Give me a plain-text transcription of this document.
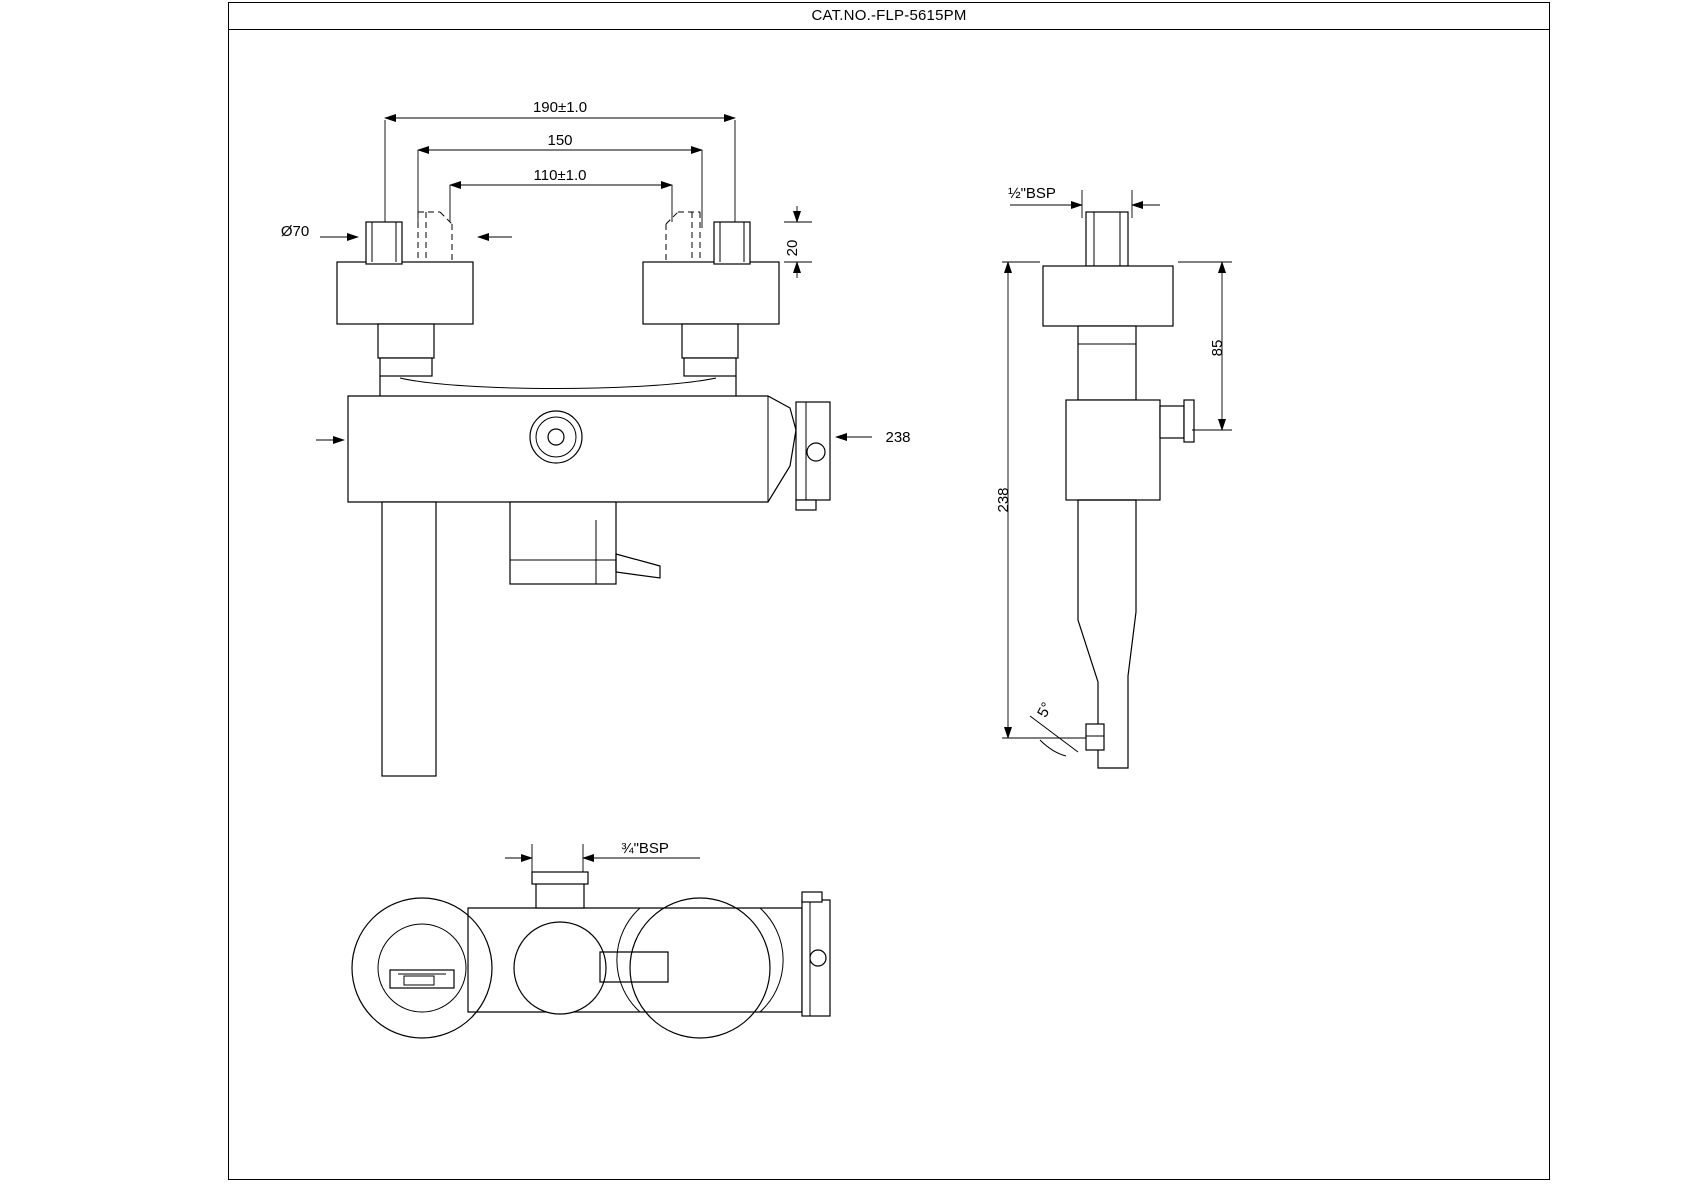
CAT.NO.-FLP-5615PM
190±1.0
150
110±1.0
Ø70
20
238
½"BSP
85
238
5°
¾"BSP
